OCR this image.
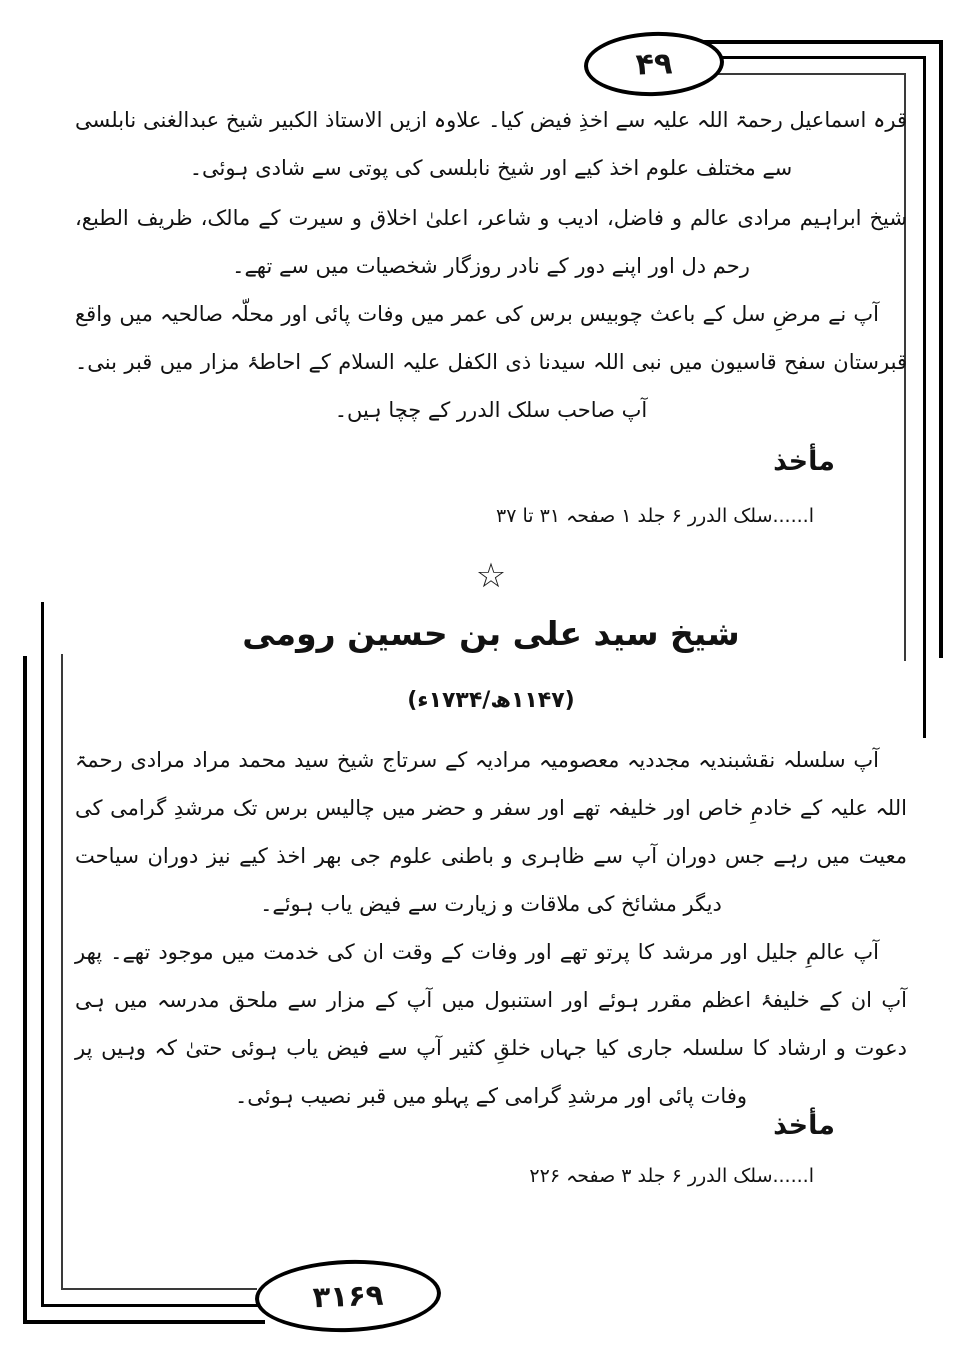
۴۹
قرہ اسماعیل رحمۃ اللہ علیہ سے اخذِ فیض کیا۔ علاوہ ازیں الاستاذ الکبیر شیخ عبدالغنی نابلسی سے مختلف علوم اخذ کیے اور شیخ نابلسی کی پوتی سے شادی ہوئی۔
شیخ ابراہیم مرادی عالم و فاضل، ادیب و شاعر، اعلیٰ اخلاق و سیرت کے مالک، ظریف الطبع، رحم دل اور اپنے دور کے نادر روزگار شخصیات میں سے تھے۔
آپ نے مرضِ سل کے باعث چوبیس برس کی عمر میں وفات پائی اور محلّہ صالحیہ میں واقع قبرستان سفح قاسیون میں نبی اللہ سیدنا ذی الکفل علیہ السلام کے احاطۂ مزار میں قبر بنی۔ آپ صاحب سلک الدرر کے چچا ہیں۔
مأخذ
ا......سلک الدرر ۶ جلد ۱ صفحہ ۳۱ تا ۳۷
☆
شیخ سید علی بن حسین رومی
(۱۱۴۷ھ/۱۷۳۴ء)
آپ سلسلہ نقشبندیہ مجددیہ معصومیہ مرادیہ کے سرتاج شیخ سید محمد مراد مرادی رحمۃ اللہ علیہ کے خادمِ خاص اور خلیفہ تھے اور سفر و حضر میں چالیس برس تک مرشدِ گرامی کی معیت میں رہے جس دوران آپ سے ظاہری و باطنی علوم جی بھر اخذ کیے نیز دوران سیاحت دیگر مشائخ کی ملاقات و زیارت سے فیض یاب ہوئے۔
آپ عالمِ جلیل اور مرشد کا پرتو تھے اور وفات کے وقت ان کی خدمت میں موجود تھے۔ پھر آپ ان کے خلیفۂ اعظم مقرر ہوئے اور استنبول میں آپ کے مزار سے ملحق مدرسہ میں ہی دعوت و ارشاد کا سلسلہ جاری کیا جہاں خلقِ کثیر آپ سے فیض یاب ہوئی حتیٰ کہ وہیں پر وفات پائی اور مرشدِ گرامی کے پہلو میں قبر نصیب ہوئی۔
مأخذ
ا......سلک الدرر ۶ جلد ۳ صفحہ ۲۲۶
۳۱۶۹
